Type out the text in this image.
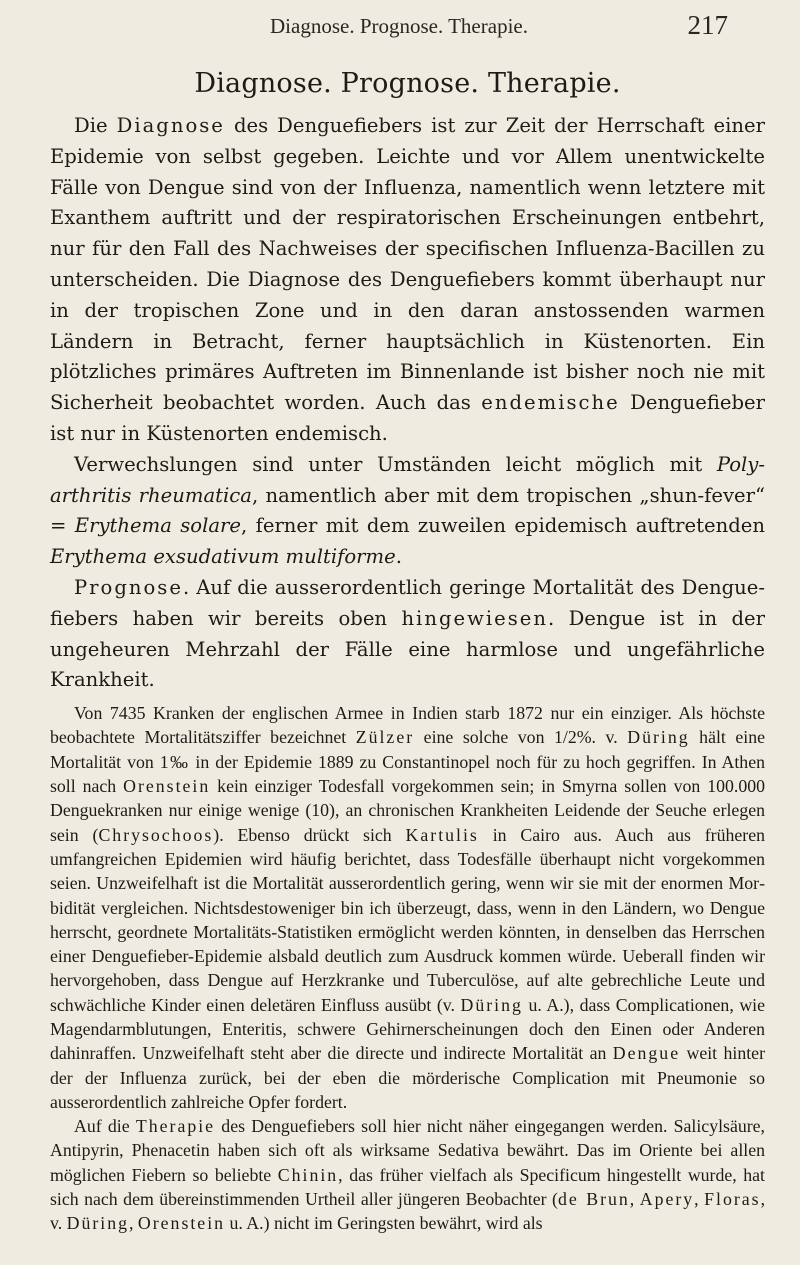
Diagnose. Prognose. Therapie.	217
Diagnose. Prognose. Therapie.

Die Diagnose des Denguefiebers ist zur Zeit der Herrschaft einer Epidemie von selbst gegeben. Leichte und vor Allem unentwickelte Fälle von Dengue sind von der Influenza, namentlich wenn letztere mit Exanthem auftritt und der respiratorischen Erscheinungen entbehrt, nur für den Fall des Nachweises der specifischen Influenza-Bacillen zu unterscheiden. Die Diagnose des Denguefiebers kommt überhaupt nur in der tropischen Zone und in den daran anstossenden warmen Ländern in Betracht, ferner hauptsächlich in Küstenorten. Ein plötzliches primäres Auftreten im Binnenlande ist bisher noch nie mit Sicherheit beobachtet worden. Auch das endemische Denguefieber ist nur in Küstenorten endemisch.

Verwechslungen sind unter Umständen leicht möglich mit Polyarthritis rheumatica, namentlich aber mit dem tropischen „shun-fever“ = Erythema solare, ferner mit dem zuweilen epidemisch auftretenden Erythema exsudativum multiforme.

Prognose. Auf die ausserordentlich geringe Mortalität des Denguefiebers haben wir bereits oben hingewiesen. Dengue ist in der ungeheuren Mehrzahl der Fälle eine harmlose und ungefährliche Krankheit.

Von 7435 Kranken der englischen Armee in Indien starb 1872 nur ein einziger. Als höchste beobachtete Mortalitätsziffer bezeichnet Zülzer eine solche von 1/2%. v. Düring hält eine Mortalität von 1‰ in der Epidemie 1889 zu Constantinopel noch für zu hoch gegriffen. In Athen soll nach Orenstein kein einziger Todesfall vorgekommen sein; in Smyrna sollen von 100.000 Denguekranken nur einige wenige (10), an chronischen Krankheiten Leidende der Seuche erlegen sein (Chrysochoos). Ebenso drückt sich Kartulis in Cairo aus. Auch aus früheren umfangreichen Epidemien wird häufig berichtet, dass Todesfälle überhaupt nicht vorgekommen seien. Unzweifelhaft ist die Mortalität ausserordentlich gering, wenn wir sie mit der enormen Morbidität vergleichen. Nichtsdestoweniger bin ich überzeugt, dass, wenn in den Ländern, wo Dengue herrscht, geordnete Mortalitäts-Statistiken ermöglicht werden könnten, in denselben das Herrschen einer Denguefieber-Epidemie alsbald deutlich zum Ausdruck kommen würde. Ueberall finden wir hervorgehoben, dass Dengue auf Herzkranke und Tuberculöse, auf alte gebrechliche Leute und schwächliche Kinder einen deletären Einfluss ausübt (v. Düring u. A.), dass Complicationen, wie Magendarmblutungen, Enteritis, schwere Gehirnerscheinungen doch den Einen oder Anderen dahinraffen. Unzweifelhaft steht aber die directe und indirecte Mortalität an Dengue weit hinter der der Influenza zurück, bei der eben die mörderische Complication mit Pneumonie so ausserordentlich zahlreiche Opfer fordert.

Auf die Therapie des Denguefiebers soll hier nicht näher eingegangen werden. Salicylsäure, Antipyrin, Phenacetin haben sich oft als wirksame Sedativa bewährt. Das im Oriente bei allen möglichen Fiebern so beliebte Chinin, das früher vielfach als Specificum hingestellt wurde, hat sich nach dem übereinstimmenden Urtheil aller jüngeren Beobachter (de Brun, Apery, Floras, v. Düring, Orenstein u. A.) nicht im Geringsten bewährt, wird als
